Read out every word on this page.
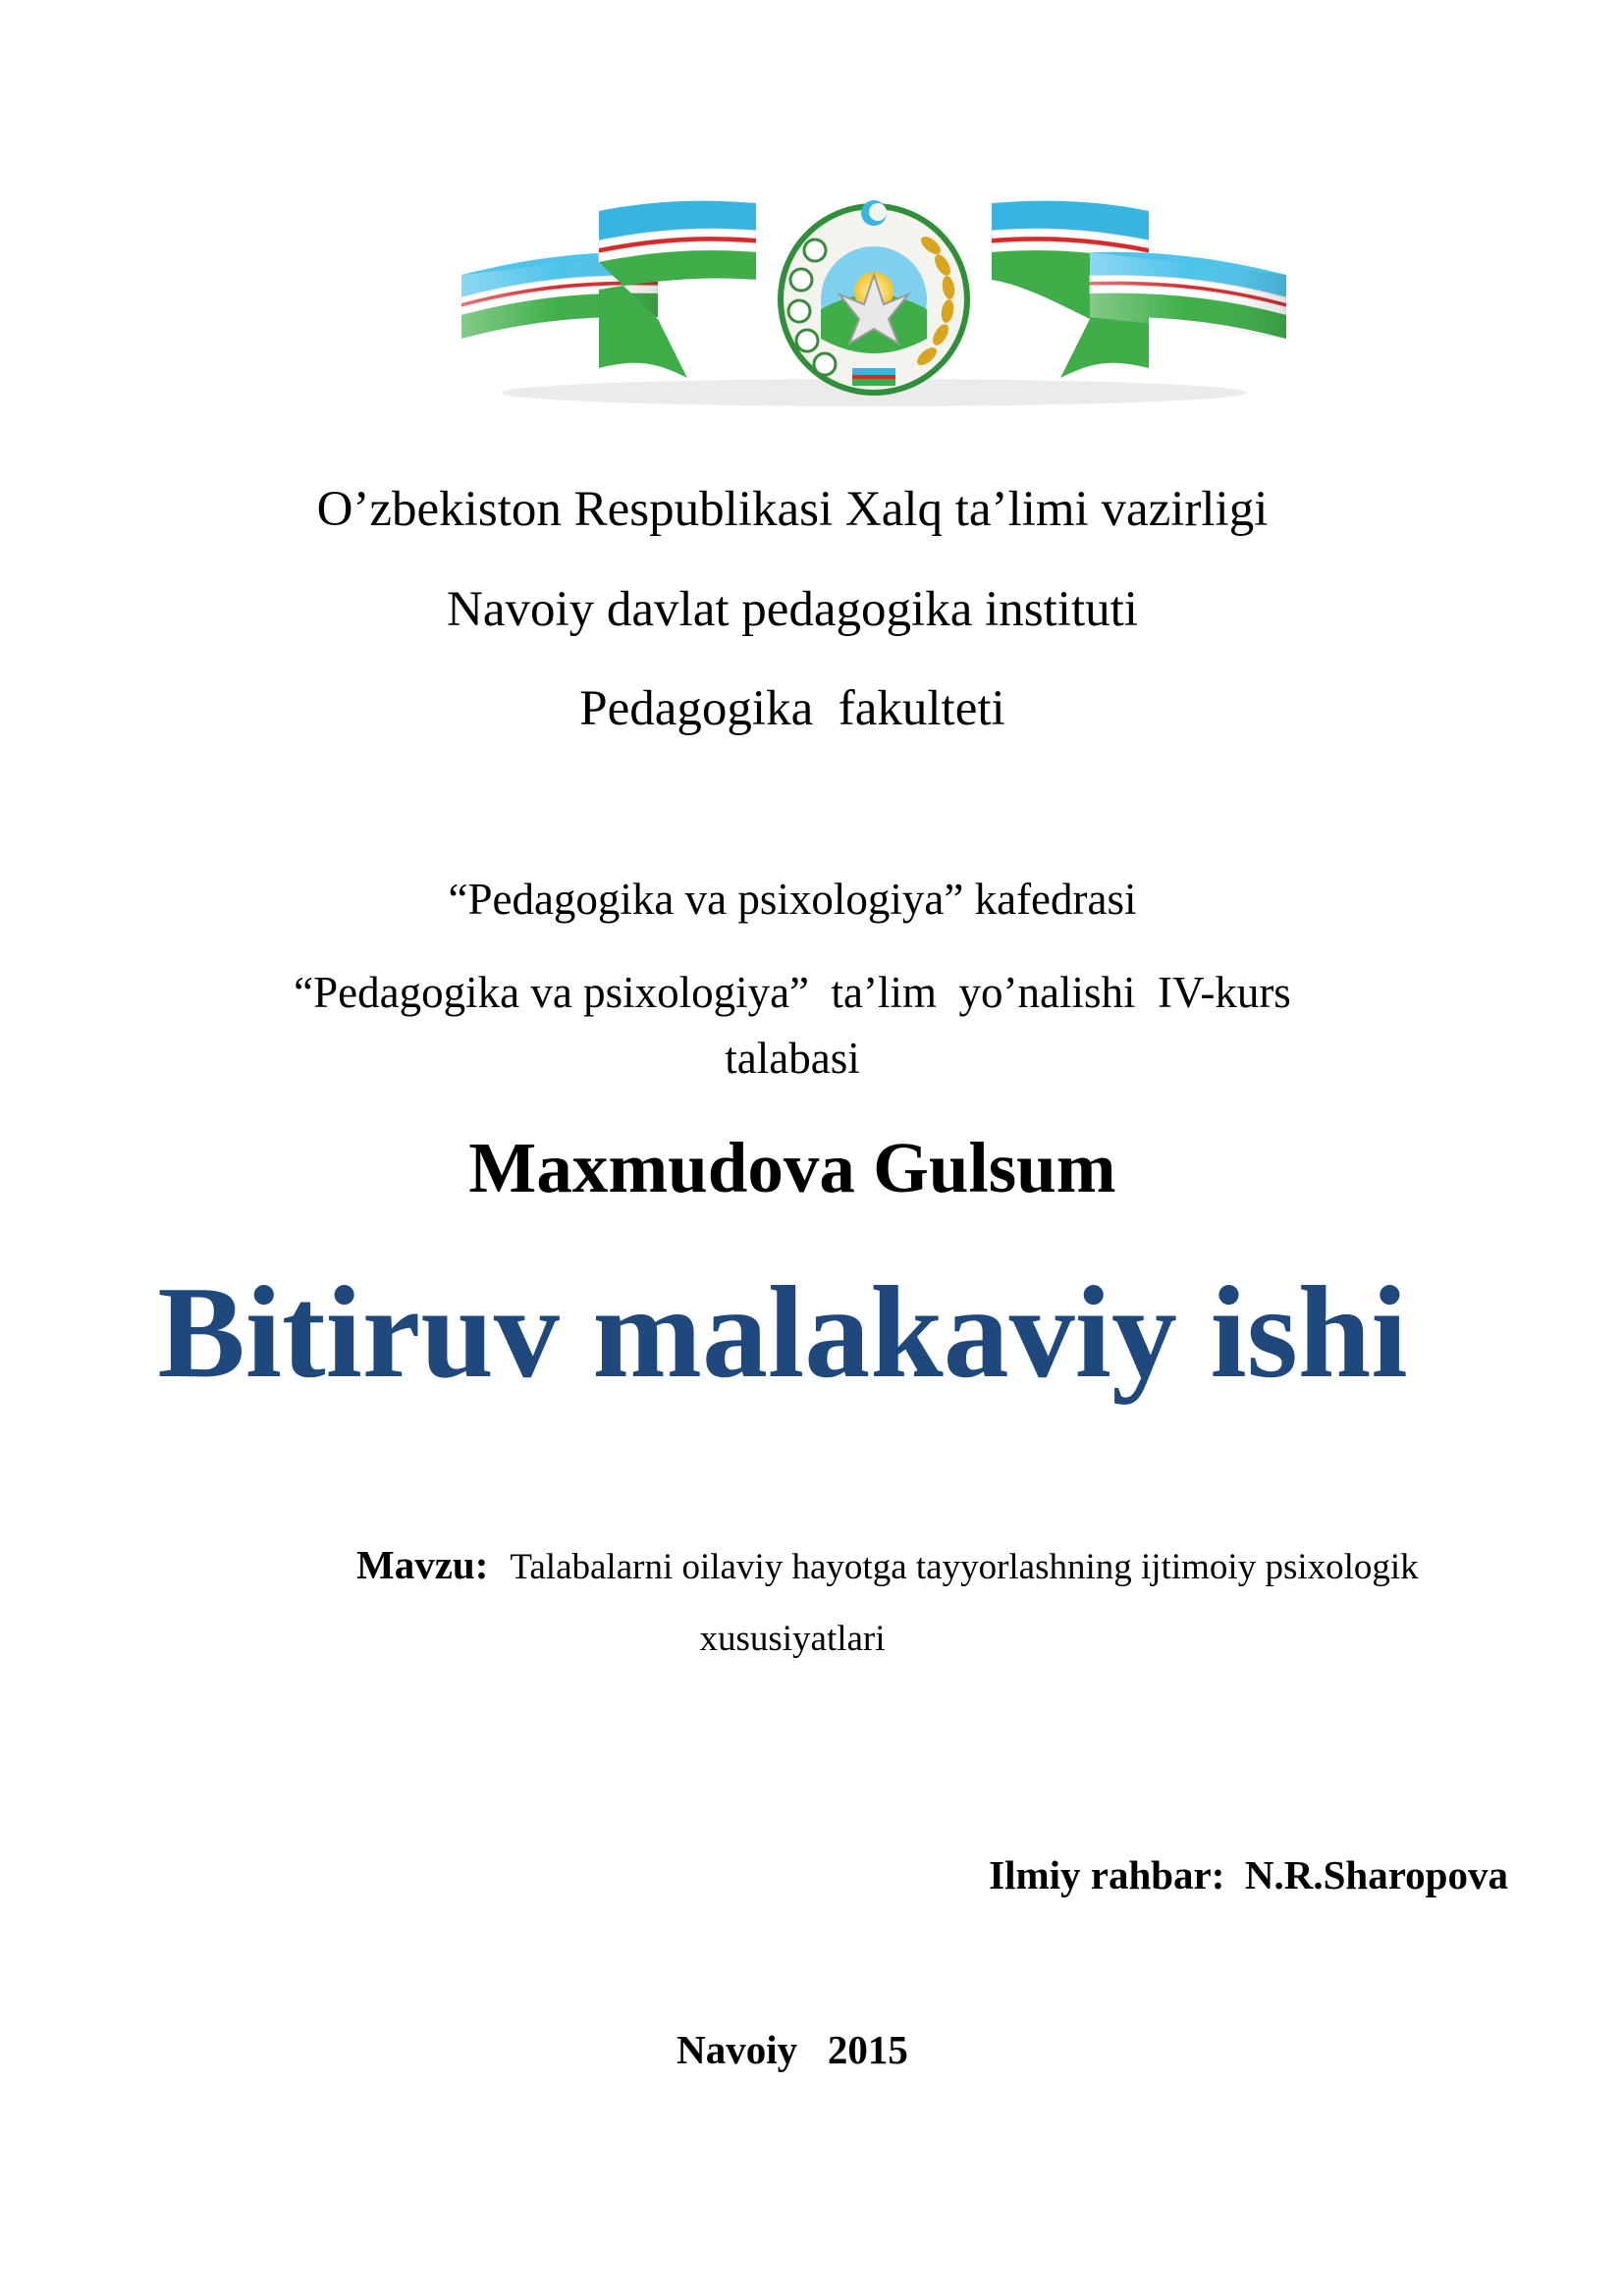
O’zbekiston Respublikasi Xalq ta’limi vazirligi
Navoiy davlat pedagogika instituti
Pedagogika  fakulteti
“Pedagogika va psixologiya” kafedrasi
“Pedagogika va psixologiya”  ta’lim  yo’nalishi  IV-kurs
talabasi
Maxmudova Gulsum
Bitiruv malakaviy ishi
Mavzu: Talabalarni oilaviy hayotga tayyorlashning ijtimoiy psixologik
xususiyatlari
Ilmiy rahbar: N.R.Sharopova
Navoiy   2015
